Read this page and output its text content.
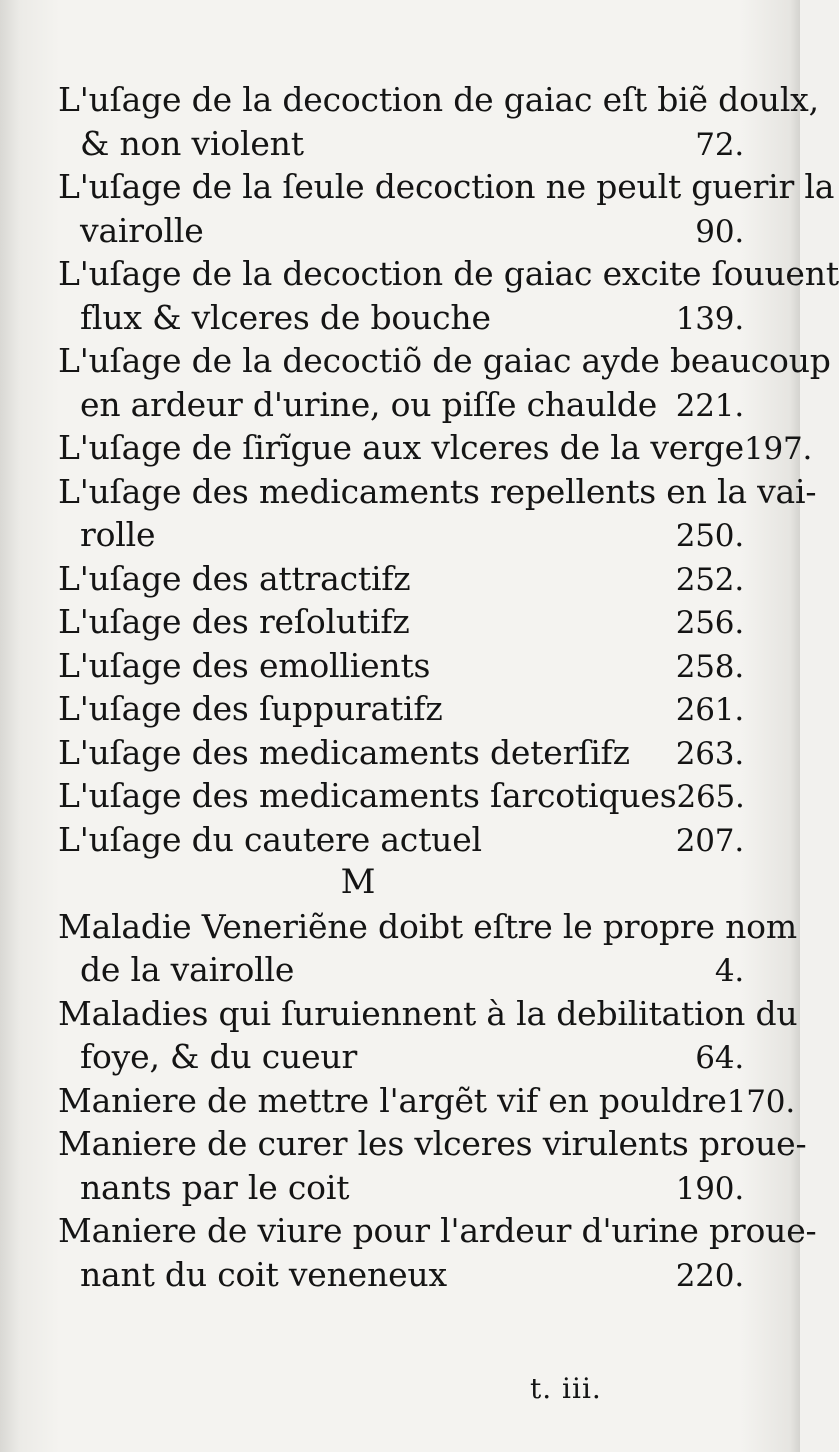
L'uſage de la decoction de gaiac eſt biẽ doulx,
& non violent	72.
L'uſage de la ſeule decoction ne peult guerir la
vairolle	90.
L'uſage de la decoction de gaiac excite ſouuent
flux & vlceres de bouche	139.
L'uſage de la decoctiõ de gaiac ayde beaucoup
en ardeur d'urine, ou piſſe chaulde 221.
L'uſage de ſirĩgue aux vlceres de la verge 197.
L'uſage des medicaments repellents en la vai-
rolle	250.
L'uſage des attractifz	252.
L'uſage des reſolutifz	256.
L'uſage des emollients	258.
L'uſage des ſuppuratifz	261.
L'uſage des medicaments deterſifz 263.
L'uſage des medicaments ſarcotiques 265.
L'uſage du cautere actuel	207.
M
Maladie Veneriẽne doibt eſtre le propre nom
de la vairolle	4.
Maladies qui ſuruiennent à la debilitation du
foye, & du cueur	64.
Maniere de mettre l'argẽt vif en pouldre 170.
Maniere de curer les vlceres virulents proue-
nants par le coit	190.
Maniere de viure pour l'ardeur d'urine proue-
nant du coit veneneux	220.
t. iii.
